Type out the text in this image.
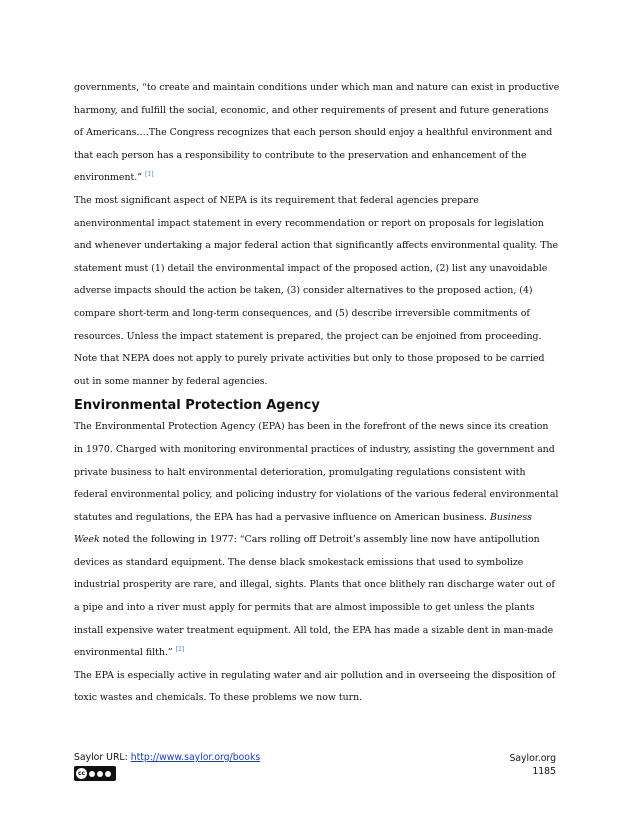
governments, “to create and maintain conditions under which man and nature can exist in productive harmony, and fulfill the social, economic, and other requirements of present and future generations of Americans.…The Congress recognizes that each person should enjoy a healthful environment and that each person has a responsibility to contribute to the preservation and enhancement of the environment.” [1]

The most significant aspect of NEPA is its requirement that federal agencies prepare anenvironmental impact statement in every recommendation or report on proposals for legislation and whenever undertaking a major federal action that significantly affects environmental quality. The statement must (1) detail the environmental impact of the proposed action, (2) list any unavoidable adverse impacts should the action be taken, (3) consider alternatives to the proposed action, (4) compare short-term and long-term consequences, and (5) describe irreversible commitments of resources. Unless the impact statement is prepared, the project can be enjoined from proceeding. Note that NEPA does not apply to purely private activities but only to those proposed to be carried out in some manner by federal agencies.

Environmental Protection Agency

The Environmental Protection Agency (EPA) has been in the forefront of the news since its creation in 1970. Charged with monitoring environmental practices of industry, assisting the government and private business to halt environmental deterioration, promulgating regulations consistent with federal environmental policy, and policing industry for violations of the various federal environmental statutes and regulations, the EPA has had a pervasive influence on American business. Business Week noted the following in 1977: “Cars rolling off Detroit’s assembly line now have antipollution devices as standard equipment. The dense black smokestack emissions that used to symbolize industrial prosperity are rare, and illegal, sights. Plants that once blithely ran discharge water out of a pipe and into a river must apply for permits that are almost impossible to get unless the plants install expensive water treatment equipment. All told, the EPA has made a sizable dent in man-made environmental filth.” [2]

The EPA is especially active in regulating water and air pollution and in overseeing the disposition of toxic wastes and chemicals. To these problems we now turn.

Saylor URL: http://www.saylor.org/books
cc
Saylor.org
1185
